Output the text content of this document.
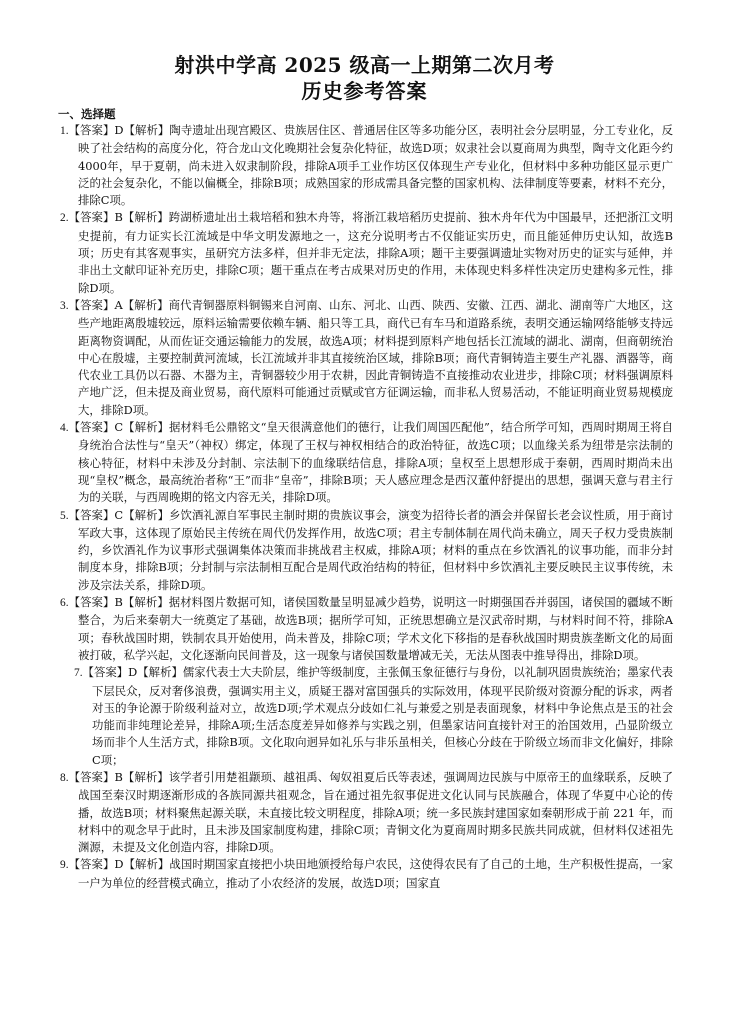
射洪中学高 2025 级高一上期第二次月考
历史参考答案
一、选择题

1.【答案】D【解析】陶寺遗址出现宫殿区、贵族居住区、普通居住区等多功能分区，表明社会分层明显，分工专业化，反映了社会结构的高度分化，符合龙山文化晚期社会复杂化特征，故选D项；奴隶社会以夏商周为典型，陶寺文化距今约4000年，早于夏朝，尚未进入奴隶制阶段，排除A项手工业作坊区仅体现生产专业化，但材料中多种功能区显示更广泛的社会复杂化，不能以偏概全，排除B项；成熟国家的形成需具备完整的国家机构、法律制度等要素，材料不充分，排除C项。

2.【答案】B【解析】跨湖桥遗址出土栽培稻和独木舟等，将浙江栽培稻历史提前、独木舟年代为中国最早，还把浙江文明史提前，有力证实长江流域是中华文明发源地之一，这充分说明考古不仅能证实历史，而且能延伸历史认知，故选B项；历史有其客观事实，虽研究方法多样，但并非无定法，排除A项；题干主要强调遗址实物对历史的证实与延伸，并非出土文献印证补充历史，排除C项；题干重点在考古成果对历史的作用，未体现史料多样性决定历史建构多元性，排除D项。

3.【答案】A【解析】商代青铜器原料铜锡来自河南、山东、河北、山西、陕西、安徽、江西、湖北、湖南等广大地区，这些产地距离殷墟较远，原料运输需要依赖车辆、船只等工具，商代已有车马和道路系统，表明交通运输网络能够支持远距离物资调配，从而佐证交通运输能力的发展，故选A项；材料提到原料产地包括长江流域的湖北、湖南，但商朝统治中心在殷墟，主要控制黄河流域，长江流域并非其直接统治区域，排除B项；商代青铜铸造主要生产礼器、酒器等，商代农业工具仍以石器、木器为主，青铜器较少用于农耕，因此青铜铸造不直接推动农业进步，排除C项；材料强调原料产地广泛，但未提及商业贸易，商代原料可能通过贡赋或官方征调运输，而非私人贸易活动，不能证明商业贸易规模庞大，排除D项。

4.【答案】C【解析】据材料毛公鼎铭文“皇天很满意他们的德行，让我们周国匹配他”，结合所学可知，西周时期周王将自身统治合法性与“皇天”（神权）绑定，体现了王权与神权相结合的政治特征，故选C项；以血缘关系为纽带是宗法制的核心特征，材料中未涉及分封制、宗法制下的血缘联结信息，排除A项；皇权至上思想形成于秦朝，西周时期尚未出现“皇权”概念，最高统治者称“王”而非“皇帝”，排除B项；天人感应理念是西汉董仲舒提出的思想，强调天意与君主行为的关联，与西周晚期的铭文内容无关，排除D项。

5.【答案】C【解析】乡饮酒礼源自军事民主制时期的贵族议事会，演变为招待长者的酒会并保留长老会议性质，用于商讨军政大事，这体现了原始民主传统在周代仍发挥作用，故选C项；君主专制体制在周代尚未确立，周天子权力受贵族制约，乡饮酒礼作为议事形式强调集体决策而非挑战君主权威，排除A项；材料的重点在乡饮酒礼的议事功能，而非分封制度本身，排除B项；分封制与宗法制相互配合是周代政治结构的特征，但材料中乡饮酒礼主要反映民主议事传统，未涉及宗法关系，排除D项。

6.【答案】B【解析】据材料图片数据可知，诸侯国数量呈明显减少趋势，说明这一时期强国吞并弱国，诸侯国的疆域不断整合，为后来秦朝大一统奠定了基础，故选B项；据所学可知，正统思想确立是汉武帝时期，与材料时间不符，排除A项；春秋战国时期，铁制农具开始使用，尚未普及，排除C项；学术文化下移指的是春秋战国时期贵族垄断文化的局面被打破，私学兴起，文化逐渐向民间普及，这一现象与诸侯国数量增减无关，无法从图表中推导得出，排除D项。

7.【答案】D【解析】儒家代表士大夫阶层，维护等级制度，主张佩玉象征德行与身份，以礼制巩固贵族统治；墨家代表下层民众，反对奢侈浪费，强调实用主义，质疑王器对富国强兵的实际效用，体现平民阶级对资源分配的诉求，两者对玉的争论源于阶级利益对立，故选D项;学术观点分歧如仁礼与兼爱之别是表面现象，材料中争论焦点是玉的社会功能而非纯理论差异，排除A项;生活态度差异如修养与实践之别，但墨家诘问直接针对王的治国效用，凸显阶级立场而非个人生活方式，排除B项。文化取向迥异如礼乐与非乐虽相关，但核心分歧在于阶级立场而非文化偏好，排除C项；

8.【答案】B【解析】该学者引用楚祖颛顼、越祖禹、匈奴祖夏后氏等表述，强调周边民族与中原帝王的血缘联系，反映了战国至秦汉时期逐渐形成的各族同源共祖观念，旨在通过祖先叙事促进文化认同与民族融合，体现了华夏中心论的传播，故选B项；材料聚焦起源关联，未直接比较文明程度，排除A项；统一多民族封建国家如秦朝形成于前 221 年，而材料中的观念早于此时，且未涉及国家制度构建，排除C项；青铜文化为夏商周时期多民族共同成就，但材料仅述祖先渊源，未提及文化创造内容，排除D项。

9.【答案】D【解析】战国时期国家直接把小块田地颁授给每户农民，这使得农民有了自己的土地，生产积极性提高，一家一户为单位的经营模式确立，推动了小农经济的发展，故选D项；国家直
